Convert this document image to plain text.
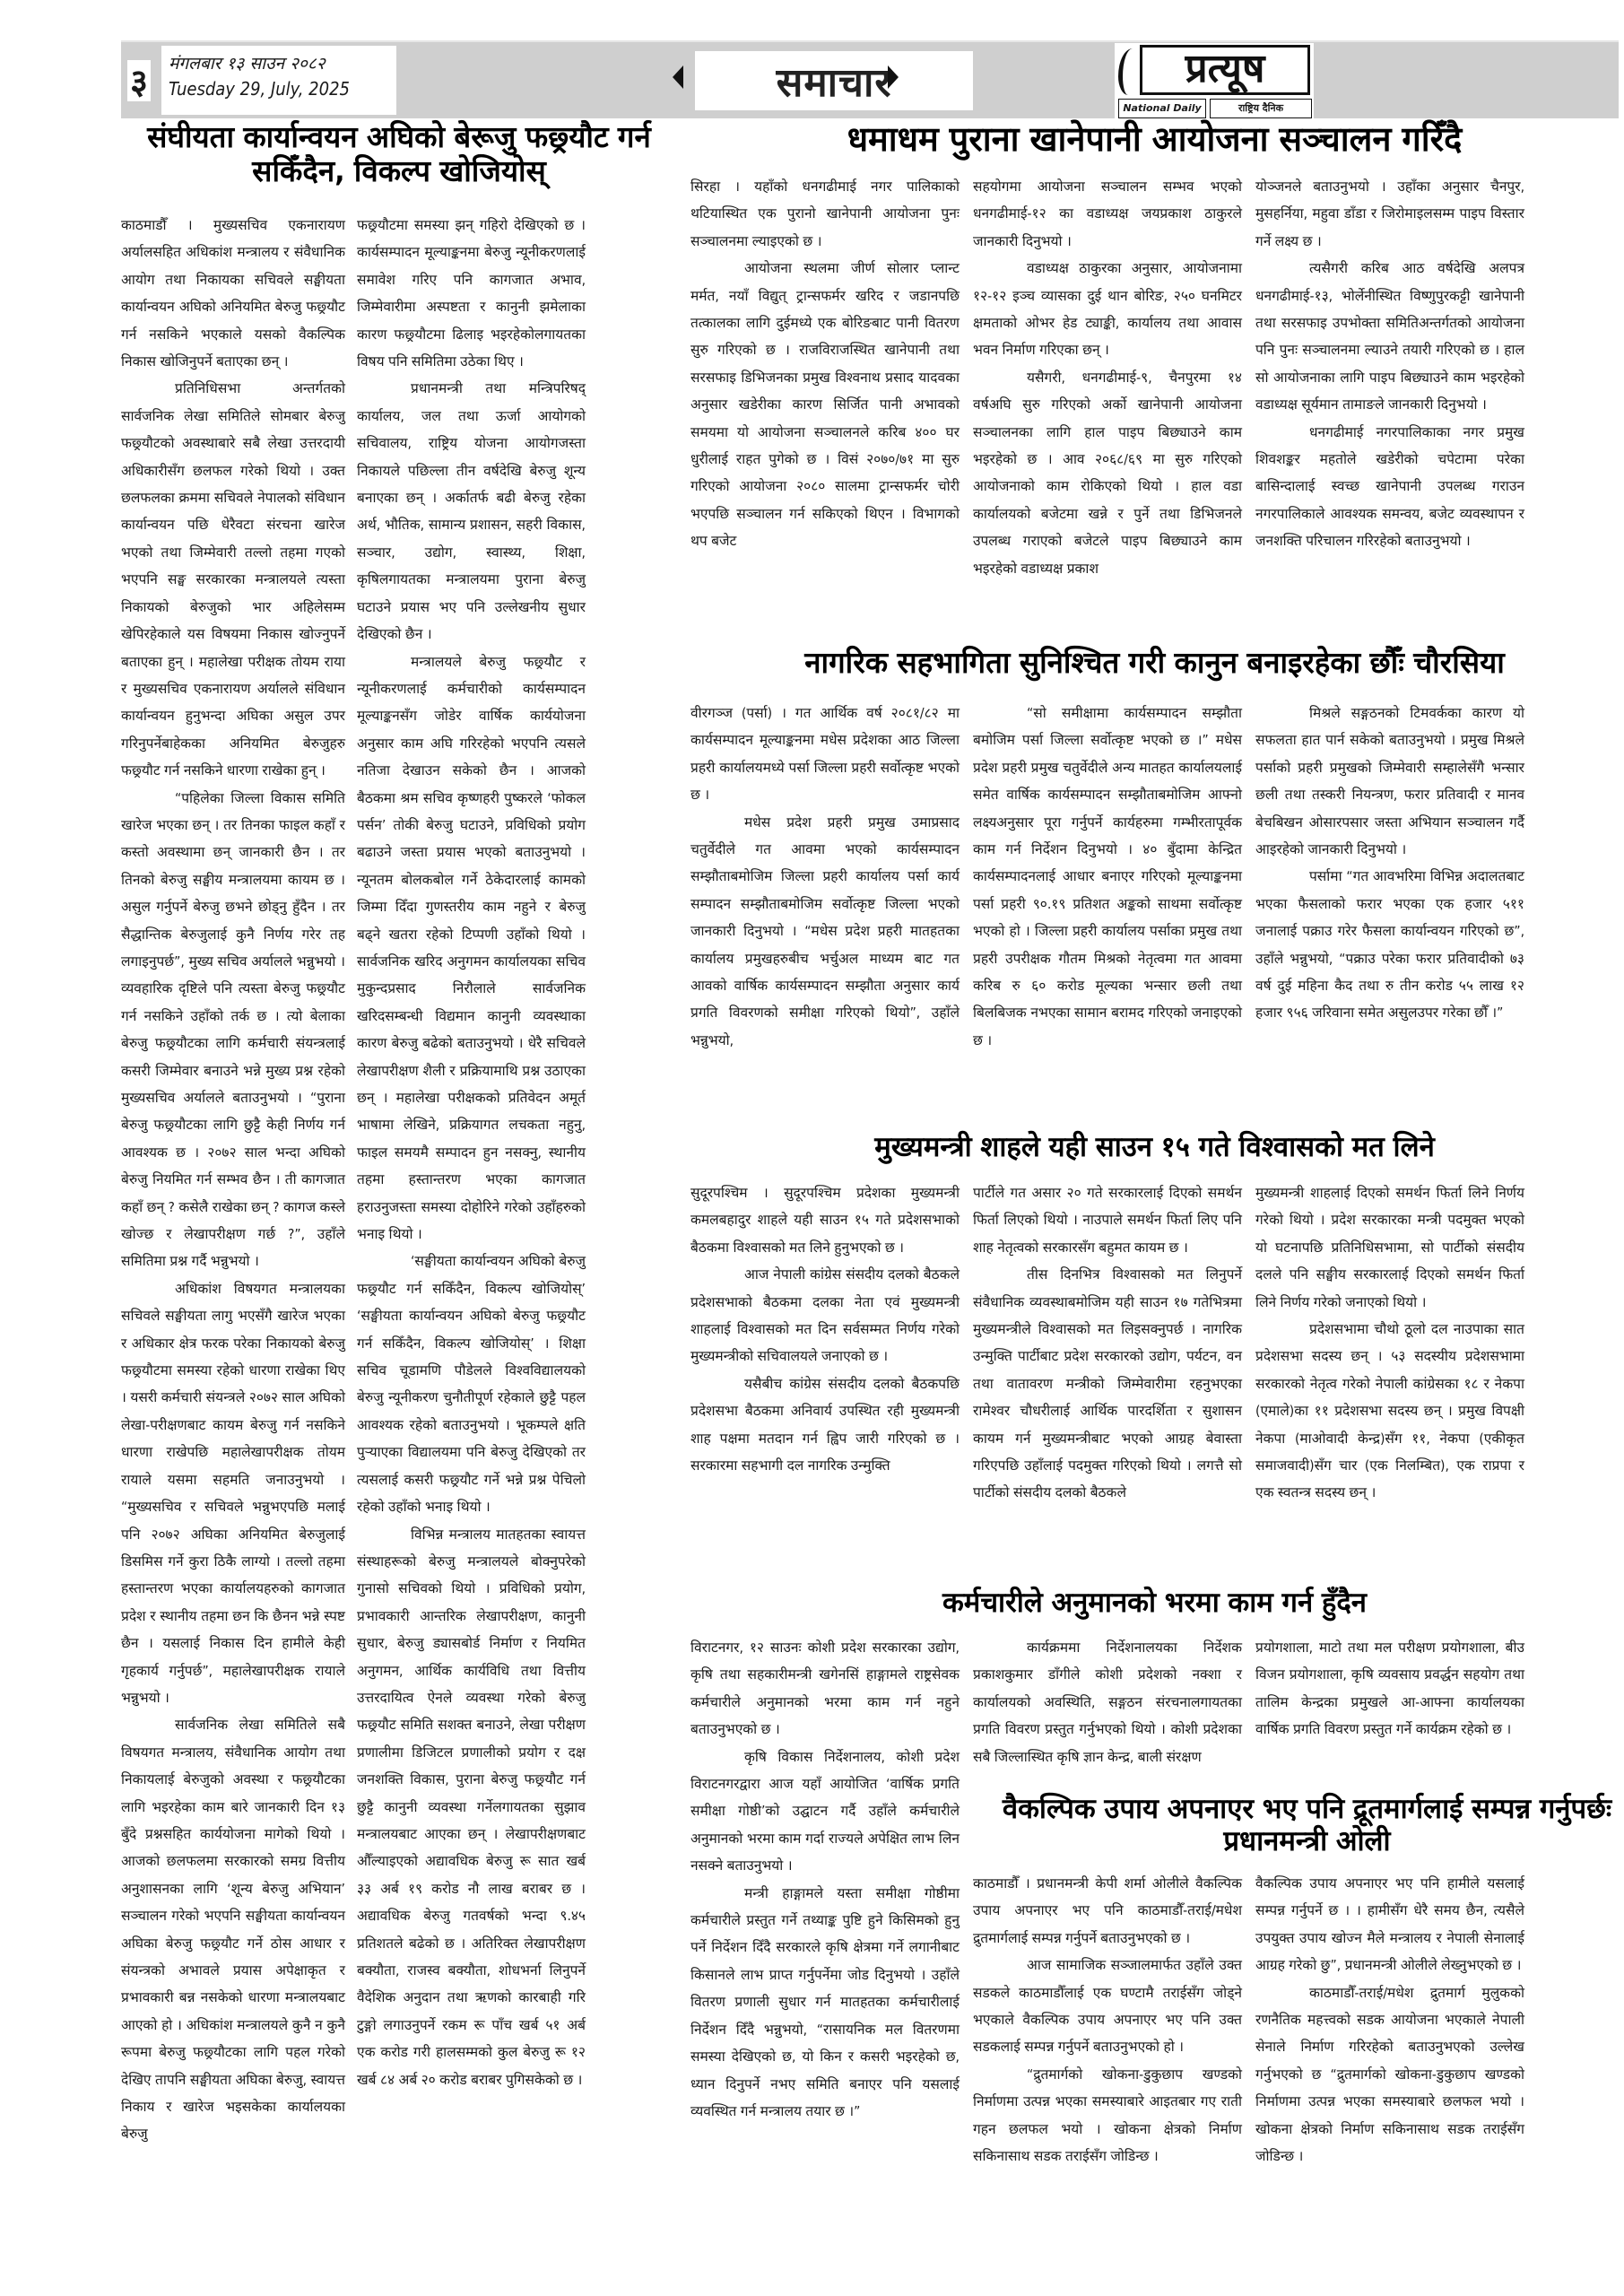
३ मंगलबार १३ साउन २०८२
Tuesday 29, July, 2025	समाचार	प्रत्यूष
National Daily	राष्ट्रिय दैनिक
संघीयता कार्यान्वयन अघिको बेरूजु फछ्र्यौट गर्न सकिँदैन, विकल्प खोजियोस्

काठमाडौँ । मुख्यसचिव एकनारायण अर्यालसहित अधिकांश मन्त्रालय र संवैधानिक आयोग तथा निकायका सचिवले सङ्घीयता कार्यान्वयन अघिको अनियमित बेरुजु फछ्र्यौट गर्न नसकिने भएकाले यसको वैकल्पिक निकास खोजिनुपर्ने बताएका छन् ।

प्रतिनिधिसभा अन्तर्गतको सार्वजनिक लेखा समितिले सोमबार बेरुजु फछ्र्यौटको अवस्थाबारे सबै लेखा उत्तरदायी अधिकारीसँग छलफल गरेको थियो । उक्त छलफलका क्रममा सचिवले नेपालको संविधान कार्यान्वयन पछि धेरैवटा संरचना खारेज भएको तथा जिम्मेवारी तल्लो तहमा गएको भएपनि सङ्घ सरकारका मन्त्रालयले त्यस्ता निकायको बेरुजुको भार अहिलेसम्म खेपिरहेकाले यस विषयमा निकास खोज्नुपर्ने बताएका हुन् । महालेखा परीक्षक तोयम राया र मुख्यसचिव एकनारायण अर्यालले संविधान कार्यान्वयन हुनुभन्दा अघिका असुल उपर गरिनुपर्नेबाहेकका अनियमित बेरुजुहरु फछ्र्यौट गर्न नसकिने धारणा राखेका हुन् ।

“पहिलेका जिल्ला विकास समिति खारेज भएका छन् । तर तिनका फाइल कहाँ र कस्तो अवस्थामा छन् जानकारी छैन । तर तिनको बेरुजु सङ्घीय मन्त्रालयमा कायम छ । असुल गर्नुपर्ने बेरुजु छभने छोड्नु हुँदैन । तर सैद्धान्तिक बेरुजुलाई कुनै निर्णय गरेर तह लगाइनुपर्छ”, मुख्य सचिव अर्यालले भन्नुभयो । व्यवहारिक दृष्टिले पनि त्यस्ता बेरुजु फछ्र्यौट गर्न नसकिने उहाँको तर्क छ । त्यो बेलाका बेरुजु फछ्र्यौटका लागि कर्मचारी संयन्त्रलाई कसरी जिम्मेवार बनाउने भन्ने मुख्य प्रश्न रहेको मुख्यसचिव अर्यालले बताउनुभयो । “पुराना बेरुजु फछ्र्यौटका लागि छुट्टै केही निर्णय गर्न आवश्यक छ । २०७२ साल भन्दा अघिको बेरुजु नियमित गर्न सम्भव छैन । ती कागजात कहाँ छन् ? कसेलै राखेका छन् ? कागज कस्ले खोज्छ र लेखापरीक्षण गर्छ ?”, उहाँले समितिमा प्रश्न गर्दै भन्नुभयो ।

अधिकांश विषयगत मन्त्रालयका सचिवले सङ्घीयता लागु भएसँगै खारेज भएका र अधिकार क्षेत्र फरक परेका निकायको बेरुजु फछ्र्यौटमा समस्या रहेको धारणा राखेका थिए । यसरी कर्मचारी संयन्त्रले २०७२ साल अघिको लेखा-परीक्षणबाट कायम बेरुजु गर्न नसकिने धारणा राखेपछि महालेखापरीक्षक तोयम रायाले यसमा सहमति जनाउनुभयो । “मुख्यसचिव र सचिवले भन्नुभएपछि मलाई पनि २०७२ अघिका अनियमित बेरुजुलाई डिसमिस गर्ने कुरा ठिकै लाग्यो । तल्लो तहमा हस्तान्तरण भएका कार्यालयहरुको कागजात प्रदेश र स्थानीय तहमा छन कि छैनन भन्ने स्पष्ट छैन । यसलाई निकास दिन हामीले केही गृहकार्य गर्नुपर्छ”, महालेखापरीक्षक रायाले भन्नुभयो ।

सार्वजनिक लेखा समितिले सबै विषयगत मन्त्रालय, संवैधानिक आयोग तथा निकायलाई बेरुजुको अवस्था र फछ्र्यौटका लागि भइरहेका काम बारे जानकारी दिन १३ बुँदे प्रश्नसहित कार्ययोजना मागेको थियो । आजको छलफलमा सरकारको समग्र वित्तीय अनुशासनका लागि ‘शून्य बेरुजु अभियान’ सञ्चालन गरेको भएपनि सङ्घीयता कार्यान्वयन अघिका बेरुजु फछ्र्यौट गर्ने ठोस आधार र संयन्त्रको अभावले प्रयास अपेक्षाकृत र प्रभावकारी बन्न नसकेको धारणा मन्त्रालयबाट आएको हो । अधिकांश मन्त्रालयले कुनै न कुनै रूपमा बेरुजु फछ्र्यौटका लागि पहल गरेको देखिए तापनि सङ्घीयता अघिका बेरुजु, स्वायत्त निकाय र खारेज भइसकेका कार्यालयका बेरुजु

फछ्र्यौटमा समस्या झन् गहिरो देखिएको छ । कार्यसम्पादन मूल्याङ्कनमा बेरुजु न्यूनीकरणलाई समावेश गरिए पनि कागजात अभाव, जिम्मेवारीमा अस्पष्टता र कानुनी झमेलाका कारण फछ्र्यौटमा ढिलाइ भइरहेकोलगायतका विषय पनि समितिमा उठेका थिए ।

प्रधानमन्त्री तथा मन्त्रिपरिषद् कार्यालय, जल तथा ऊर्जा आयोगको सचिवालय, राष्ट्रिय योजना आयोगजस्ता निकायले पछिल्ला तीन वर्षदेखि बेरुजु शून्य बनाएका छन् । अर्कातर्फ बढी बेरुजु रहेका अर्थ, भौतिक, सामान्य प्रशासन, सहरी विकास, सञ्चार, उद्योग, स्वास्थ्य, शिक्षा, कृषिलगायतका मन्त्रालयमा पुराना बेरुजु घटाउने प्रयास भए पनि उल्लेखनीय सुधार देखिएको छैन ।

मन्त्रालयले बेरुजु फछ्र्यौट र न्यूनीकरणलाई कर्मचारीको कार्यसम्पादन मूल्याङ्कनसँग जोडेर वार्षिक कार्ययोजना अनुसार काम अघि गरिरहेको भएपनि त्यसले नतिजा देखाउन सकेको छैन । आजको बैठकमा श्रम सचिव कृष्णहरी पुष्करले ‘फोकल पर्सन’ तोकी बेरुजु घटाउने, प्रविधिको प्रयोग बढाउने जस्ता प्रयास भएको बताउनुभयो । न्यूनतम बोलकबोल गर्ने ठेकेदारलाई कामको जिम्मा दिँदा गुणस्तरीय काम नहुने र बेरुजु बढ्ने खतरा रहेको टिप्पणी उहाँको थियो । सार्वजनिक खरिद अनुगमन कार्यालयका सचिव मुकुन्दप्रसाद निरौलाले सार्वजनिक खरिदसम्बन्धी विद्यमान कानुनी व्यवस्थाका कारण बेरुजु बढेको बताउनुभयो । धेरै सचिवले लेखापरीक्षण शैली र प्रक्रियामाथि प्रश्न उठाएका छन् । महालेखा परीक्षकको प्रतिवेदन अमूर्त भाषामा लेखिने, प्रक्रियागत लचकता नहुनु, फाइल समयमै सम्पादन हुन नसक्नु, स्थानीय तहमा हस्तान्तरण भएका कागजात हराउनुजस्ता समस्या दोहोरिने गरेको उहाँहरुको भनाइ थियो ।

‘सङ्घीयता कार्यान्वयन अघिको बेरुजु फछ्र्यौट गर्न सकिँदैन, विकल्प खोजियोस्’ ‘सङ्घीयता कार्यान्वयन अघिको बेरुजु फछ्र्यौट गर्न सकिँदैन, विकल्प खोजियोस्’ । शिक्षा सचिव चूडामणि पौडेलले विश्वविद्यालयको बेरुजु न्यूनीकरण चुनौतीपूर्ण रहेकाले छुट्टै पहल आवश्यक रहेको बताउनुभयो । भूकम्पले क्षति पुऱ्याएका विद्यालयमा पनि बेरुजु देखिएको तर त्यसलाई कसरी फछ्र्यौट गर्ने भन्ने प्रश्न पेचिलो रहेको उहाँको भनाइ थियो ।

विभिन्न मन्त्रालय मातहतका स्वायत्त संस्थाहरूको बेरुजु मन्त्रालयले बोक्नुपरेको गुनासो सचिवको थियो । प्रविधिको प्रयोग, प्रभावकारी आन्तरिक लेखापरीक्षण, कानुनी सुधार, बेरुजु ड्यासबोर्ड निर्माण र नियमित अनुगमन, आर्थिक कार्यविधि तथा वित्तीय उत्तरदायित्व ऐनले व्यवस्था गरेको बेरुजु फछ्र्यौट समिति सशक्त बनाउने, लेखा परीक्षण प्रणालीमा डिजिटल प्रणालीको प्रयोग र दक्ष जनशक्ति विकास, पुराना बेरुजु फछ्र्यौट गर्न छुट्टै कानुनी व्यवस्था गर्नेलगायतका सुझाव मन्त्रालयबाट आएका छन् । लेखापरीक्षणबाट औँल्याइएको अद्यावधिक बेरुजु रू सात खर्ब ३३ अर्ब १९ करोड नौ लाख बराबर छ । अद्यावधिक बेरुजु गतवर्षको भन्दा ९.४५ प्रतिशतले बढेको छ । अतिरिक्त लेखापरीक्षण बक्यौता, राजस्व बक्यौता, शोधभर्ना लिनुपर्ने वैदेशिक अनुदान तथा ऋणको कारबाही गरि टुङ्गो लगाउनुपर्ने रकम रू पाँच खर्ब ५१ अर्ब एक करोड गरी हालसम्मको कुल बेरुजु रू १२ खर्ब ८४ अर्ब २० करोड बराबर पुगिसकेको छ ।

धमाधम पुराना खानेपानी आयोजना सञ्चालन गरिँदै

सिरहा । यहाँको धनगढीमाई नगर पालिकाको थटियास्थित एक पुरानो खानेपानी आयोजना पुनः सञ्चालनमा ल्याइएको छ ।

आयोजना स्थलमा जीर्ण सोलार प्लान्ट मर्मत, नयाँ विद्युत् ट्रान्सफर्मर खरिद र जडानपछि तत्कालका लागि दुईमध्ये एक बोरिङबाट पानी वितरण सुरु गरिएको छ । राजविराजस्थित खानेपानी तथा सरसफाइ डिभिजनका प्रमुख विश्वनाथ प्रसाद यादवका अनुसार खडेरीका कारण सिर्जित पानी अभावको समयमा यो आयोजना सञ्चालनले करिब ४०० घर धुरीलाई राहत पुगेको छ । विसं २०७०/७१ मा सुरु गरिएको आयोजना २०८० सालमा ट्रान्सफर्मर चोरी भएपछि सञ्चालन गर्न सकिएको थिएन । विभागको थप बजेट

सहयोगमा आयोजना सञ्चालन सम्भव भएको धनगढीमाई-१२ का वडाध्यक्ष जयप्रकाश ठाकुरले जानकारी दिनुभयो ।

वडाध्यक्ष ठाकुरका अनुसार, आयोजनामा १२-१२ इञ्च व्यासका दुई थान बोरिङ, २५० घनमिटर क्षमताको ओभर हेड ट्याङ्की, कार्यालय तथा आवास भवन निर्माण गरिएका छन् ।

यसैगरी, धनगढीमाई-९, चैनपुरमा १४ वर्षअघि सुरु गरिएको अर्को खानेपानी आयोजना सञ्चालनका लागि हाल पाइप बिछ्याउने काम भइरहेको छ । आव २०६८/६९ मा सुरु गरिएको आयोजनाको काम रोकिएको थियो । हाल वडा कार्यालयको बजेटमा खन्ने र पुर्ने तथा डिभिजनले उपलब्ध गराएको बजेटले पाइप बिछ्याउने काम भइरहेको वडाध्यक्ष प्रकाश

योञ्जनले बताउनुभयो । उहाँका अनुसार चैनपुर, मुसहर्निया, महुवा डाँडा र जिरोमाइलसम्म पाइप विस्तार गर्ने लक्ष्य छ ।

त्यसैगरी करिब आठ वर्षदेखि अलपत्र धनगढीमाई-१३, भोर्लेनीस्थित विष्णुपुरकट्टी खानेपानी तथा सरसफाइ उपभोक्ता समितिअन्तर्गतको आयोजना पनि पुनः सञ्चालनमा ल्याउने तयारी गरिएको छ । हाल सो आयोजनाका लागि पाइप बिछ्याउने काम भइरहेको वडाध्यक्ष सूर्यमान तामाङले जानकारी दिनुभयो ।

धनगढीमाई नगरपालिकाका नगर प्रमुख शिवशङ्कर महतोले खडेरीको चपेटामा परेका बासिन्दालाई स्वच्छ खानेपानी उपलब्ध गराउन नगरपालिकाले आवश्यक समन्वय, बजेट व्यवस्थापन र जनशक्ति परिचालन गरिरहेको बताउनुभयो ।

नागरिक सहभागिता सुनिश्चित गरी कानुन बनाइरहेका छौँः चौरसिया

वीरगञ्ज (पर्सा) । गत आर्थिक वर्ष २०८१/८२ मा कार्यसम्पादन मूल्याङ्कनमा मधेस प्रदेशका आठ जिल्ला प्रहरी कार्यालयमध्ये पर्सा जिल्ला प्रहरी सर्वोत्कृष्ट भएको छ ।

मधेस प्रदेश प्रहरी प्रमुख उमाप्रसाद चतुर्वेदीले गत आवमा भएको कार्यसम्पादन सम्झौताबमोजिम जिल्ला प्रहरी कार्यालय पर्सा कार्य सम्पादन सम्झौताबमोजिम सर्वोत्कृष्ट जिल्ला भएको जानकारी दिनुभयो । “मधेस प्रदेश प्रहरी मातहतका कार्यालय प्रमुखहरुबीच भर्चुअल माध्यम बाट गत आवको वार्षिक कार्यसम्पादन सम्झौता अनुसार कार्य प्रगति विवरणको समीक्षा गरिएको थियो”, उहाँले भन्नुभयो,

“सो समीक्षामा कार्यसम्पादन सम्झौता बमोजिम पर्सा जिल्ला सर्वोत्कृष्ट भएको छ ।” मधेस प्रदेश प्रहरी प्रमुख चतुर्वेदीले अन्य मातहत कार्यालयलाई समेत वार्षिक कार्यसम्पादन सम्झौताबमोजिम आफ्नो लक्ष्यअनुसार पूरा गर्नुपर्ने कार्यहरुमा गम्भीरतापूर्वक काम गर्न निर्देशन दिनुभयो । ४० बुँदामा केन्द्रित कार्यसम्पादनलाई आधार बनाएर गरिएको मूल्याङ्कनमा पर्सा प्रहरी ९०.१९ प्रतिशत अङ्कको साथमा सर्वोत्कृष्ट भएको हो । जिल्ला प्रहरी कार्यालय पर्साका प्रमुख तथा प्रहरी उपरीक्षक गौतम मिश्रको नेतृत्वमा गत आवमा करिब रु ६० करोड मूल्यका भन्सार छली तथा बिलबिजक नभएका सामान बरामद गरिएको जनाइएको छ ।

मिश्रले सङ्गठनको टिमवर्कका कारण यो सफलता हात पार्न सकेको बताउनुभयो । प्रमुख मिश्रले पर्साको प्रहरी प्रमुखको जिम्मेवारी सम्हालेसँगै भन्सार छली तथा तस्करी नियन्त्रण, फरार प्रतिवादी र मानव बेचबिखन ओसारपसार जस्ता अभियान सञ्चालन गर्दै आइरहेको जानकारी दिनुभयो ।

पर्सामा “गत आवभरिमा विभिन्न अदालतबाट भएका फैसलाको फरार भएका एक हजार ५११ जनालाई पक्राउ गरेर फैसला कार्यान्वयन गरिएको छ”, उहाँले भन्नुभयो, “पक्राउ परेका फरार प्रतिवादीको ७३ वर्ष दुई महिना कैद तथा रु तीन करोड ५५ लाख १२ हजार ९५६ जरिवाना समेत असुलउपर गरेका छौँ ।”

मुख्यमन्त्री शाहले यही साउन १५ गते विश्वासको मत लिने

सुदूरपश्चिम । सुदूरपश्चिम प्रदेशका मुख्यमन्त्री कमलबहादुर शाहले यही साउन १५ गते प्रदेशसभाको बैठकमा विश्वासको मत लिने हुनुभएको छ ।

आज नेपाली कांग्रेस संसदीय दलको बैठकले प्रदेशसभाको बैठकमा दलका नेता एवं मुख्यमन्त्री शाहलाई विश्वासको मत दिन सर्वसम्मत निर्णय गरेको मुख्यमन्त्रीको सचिवालयले जनाएको छ ।

यसैबीच कांग्रेस संसदीय दलको बैठकपछि प्रदेशसभा बैठकमा अनिवार्य उपस्थित रही मुख्यमन्त्री शाह पक्षमा मतदान गर्न ह्विप जारी गरिएको छ । सरकारमा सहभागी दल नागरिक उन्मुक्ति

पार्टीले गत असार २० गते सरकारलाई दिएको समर्थन फिर्ता लिएको थियो । नाउपाले समर्थन फिर्ता लिए पनि शाह नेतृत्वको सरकारसँग बहुमत कायम छ ।

तीस दिनभित्र विश्वासको मत लिनुपर्ने संवैधानिक व्यवस्थाबमोजिम यही साउन १७ गतेभित्रमा मुख्यमन्त्रीले विश्वासको मत लिइसक्नुपर्छ । नागरिक उन्मुक्ति पार्टीबाट प्रदेश सरकारको उद्योग, पर्यटन, वन तथा वातावरण मन्त्रीको जिम्मेवारीमा रहनुभएका रामेश्वर चौधरीलाई आर्थिक पारदर्शिता र सुशासन कायम गर्न मुख्यमन्त्रीबाट भएको आग्रह बेवास्ता गरिएपछि उहाँलाई पदमुक्त गरिएको थियो । लगत्तै सो पार्टीको संसदीय दलको बैठकले

मुख्यमन्त्री शाहलाई दिएको समर्थन फिर्ता लिने निर्णय गरेको थियो । प्रदेश सरकारका मन्त्री पदमुक्त भएको यो घटनापछि प्रतिनिधिसभामा, सो पार्टीको संसदीय दलले पनि सङ्घीय सरकारलाई दिएको समर्थन फिर्ता लिने निर्णय गरेको जनाएको थियो ।

प्रदेशसभामा चौथो ठूलो दल नाउपाका सात प्रदेशसभा सदस्य छन् । ५३ सदस्यीय प्रदेशसभामा सरकारको नेतृत्व गरेको नेपाली कांग्रेसका १८ र नेकपा (एमाले)का ११ प्रदेशसभा सदस्य छन् । प्रमुख विपक्षी नेकपा (माओवादी केन्द्र)सँग ११, नेकपा (एकीकृत समाजवादी)सँग चार (एक निलम्बित), एक राप्रपा र एक स्वतन्त्र सदस्य छन् ।

कर्मचारीले अनुमानको भरमा काम गर्न हुँदैन

विराटनगर, १२ साउनः कोशी प्रदेश सरकारका उद्योग, कृषि तथा सहकारीमन्त्री खगेनसिं हाङ्गामले राष्ट्रसेवक कर्मचारीले अनुमानको भरमा काम गर्न नहुने बताउनुभएको छ ।

कृषि विकास निर्देशनालय, कोशी प्रदेश विराटनगरद्वारा आज यहाँ आयोजित ‘वार्षिक प्रगति समीक्षा गोष्ठी’को उद्घाटन गर्दै उहाँले कर्मचारीले अनुमानको भरमा काम गर्दा राज्यले अपेक्षित लाभ लिन नसक्ने बताउनुभयो ।

मन्त्री हाङ्गामले यस्ता समीक्षा गोष्ठीमा कर्मचारीले प्रस्तुत गर्ने तथ्याङ्क पुष्टि हुने किसिमको हुनु पर्ने निर्देशन दिँदै सरकारले कृषि क्षेत्रमा गर्ने लगानीबाट किसानले लाभ प्राप्त गर्नुपर्नेमा जोड दिनुभयो । उहाँले वितरण प्रणाली सुधार गर्न मातहतका कर्मचारीलाई निर्देशन दिँदै भन्नुभयो, “रासायनिक मल वितरणमा समस्या देखिएको छ, यो किन र कसरी भइरहेको छ, ध्यान दिनुपर्ने नभए समिति बनाएर पनि यसलाई व्यवस्थित गर्न मन्त्रालय तयार छ ।”

कार्यक्रममा निर्देशनालयका निर्देशक प्रकाशकुमार डाँगीले कोशी प्रदेशको नक्शा र कार्यालयको अवस्थिति, सङ्गठन संरचनालगायतका प्रगति विवरण प्रस्तुत गर्नुभएको थियो । कोशी प्रदेशका सबै जिल्लास्थित कृषि ज्ञान केन्द्र, बाली संरक्षण

प्रयोगशाला, माटो तथा मल परीक्षण प्रयोगशाला, बीउ विजन प्रयोगशाला, कृषि व्यवसाय प्रवर्द्धन सहयोग तथा तालिम केन्द्रका प्रमुखले आ-आफ्ना कार्यालयका वार्षिक प्रगति विवरण प्रस्तुत गर्ने कार्यक्रम रहेको छ ।

वैकल्पिक उपाय अपनाएर भए पनि द्रूतमार्गलाई सम्पन्न गर्नुपर्छः प्रधानमन्त्री ओली

काठमाडौँ । प्रधानमन्त्री केपी शर्मा ओलीले वैकल्पिक उपाय अपनाएर भए पनि काठमाडौँ-तराई/मधेश द्रुतमार्गलाई सम्पन्न गर्नुपर्ने बताउनुभएको छ ।

आज सामाजिक सञ्जालमार्फत उहाँले उक्त सडकले काठमाडौँलाई एक घण्टामै तराईसँग जोड्ने भएकाले वैकल्पिक उपाय अपनाएर भए पनि उक्त सडकलाई सम्पन्न गर्नुपर्ने बताउनुभएको हो ।

“द्रुतमार्गको खोकना-डुकुछाप खण्डको निर्माणमा उत्पन्न भएका समस्याबारे आइतबार गए राती गहन छलफल भयो । खोकना क्षेत्रको निर्माण सकिनासाथ सडक तराईसँग जोडिन्छ ।

वैकल्पिक उपाय अपनाएर भए पनि हामीले यसलाई सम्पन्न गर्नुपर्ने छ । । हामीसँग धेरै समय छैन, त्यसैले उपयुक्त उपाय खोज्न मैले मन्त्रालय र नेपाली सेनालाई आग्रह गरेको छु”, प्रधानमन्त्री ओलीले लेख्नुभएको छ ।

काठमाडौँ-तराई/मधेश द्रुतमार्ग मुलुकको रणनैतिक महत्त्वको सडक आयोजना भएकाले नेपाली सेनाले निर्माण गरिरहेको बताउनुभएको उल्लेख गर्नुभएको छ “द्रुतमार्गको खोकना-डुकुछाप खण्डको निर्माणमा उत्पन्न भएका समस्याबारे छलफल भयो । खोकना क्षेत्रको निर्माण सकिनासाथ सडक तराईसँग जोडिन्छ ।
